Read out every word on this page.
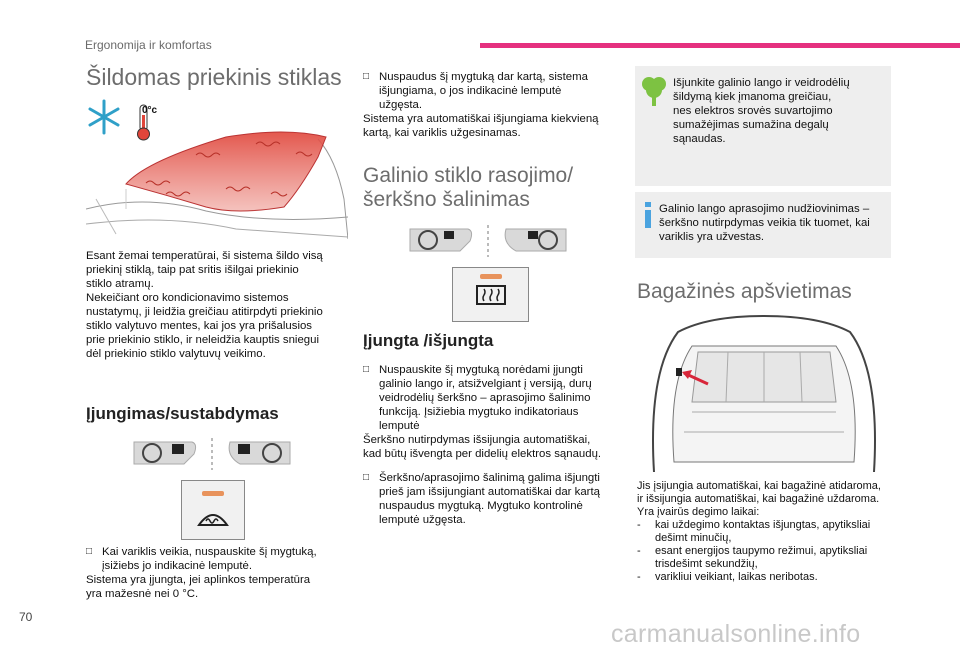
Ergonomija ir komfortas
Šildomas priekinis stiklas
0°c

Esant žemai temperatūrai, ši sistema šildo visą

priekinį stiklą, taip pat sritis išilgai priekinio

stiklo atramų.

Nekeičiant oro kondicionavimo sistemos

nustatymų, ji leidžia greičiau atitirpdyti priekinio

stiklo valytuvo mentes, kai jos yra prišalusios

prie priekinio stiklo, ir neleidžia kauptis sniegui

dėl priekinio stiklo valytuvų veikimo.

Įjungimas/sustabdymas
□ Kai variklis veikia, nuspauskite šį mygtuką,

įsižiebs jo indikacinė lemputė.

Sistema yra įjungta, jei aplinkos temperatūra

yra mažesnė nei 0 °C.

□ Nuspaudus šį mygtuką dar kartą, sistema

išjungiama, o jos indikacinė lemputė

užgęsta.

Sistema yra automatiškai išjungiama kiekvieną

kartą, kai variklis užgesinamas.

Galinio stiklo rasojimo/
šerkšno šalinimas
Įjungta /išjungta
□ Nuspauskite šį mygtuką norėdami įjungti

galinio lango ir, atsižvelgiant į versiją, durų

veidrodėlių šerkšno – aprasojimo šalinimo

funkciją. Įsižiebia mygtuko indikatoriaus

lemputė

Šerkšno nutirpdymas išsijungia automatiškai,

kad būtų išvengta per didelių elektros sąnaudų.

□ Šerkšno/aprasojimo šalinimą galima išjungti

prieš jam išsijungiant automatiškai dar kartą

nuspaudus mygtuką. Mygtuko kontrolinė

lemputė užgęsta.

Išjunkite galinio lango ir veidrodėlių

šildymą kiek įmanoma greičiau,

nes elektros srovės suvartojimo

sumažėjimas sumažina degalų

sąnaudas.

Galinio lango aprasojimo nudžiovinimas –

šerkšno nutirpdymas veikia tik tuomet, kai

variklis yra užvestas.

Bagažinės apšvietimas

Jis įsijungia automatiškai, kai bagažinė atidaroma,

ir išsijungia automatiškai, kai bagažinė uždaroma.

Yra įvairūs degimo laikai:

-	kai uždegimo kontaktas išjungtas, apytiksliai
dešimt minučių,
-	esant energijos taupymo režimui, apytiksliai
trisdešimt sekundžių,
-	varikliui veikiant, laikas neribotas.
70
carmanualsonline.info
